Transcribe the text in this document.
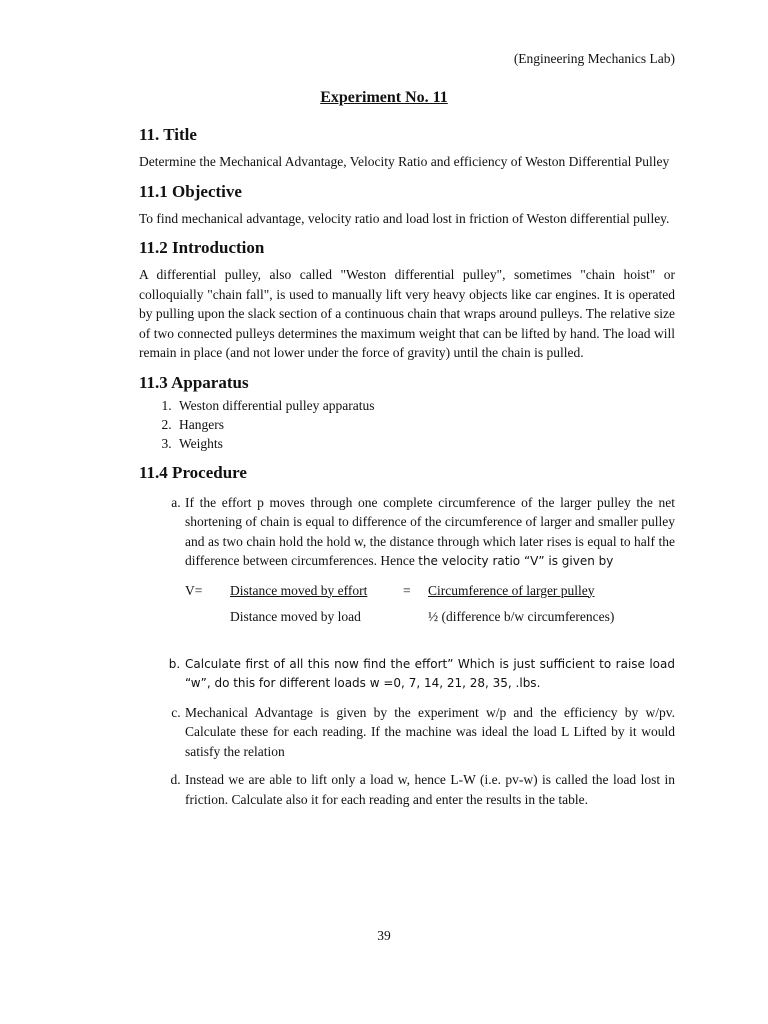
(Engineering Mechanics Lab)
Experiment No. 11
11. Title

Determine the Mechanical Advantage, Velocity Ratio and efficiency of Weston Differential Pulley

11.1 Objective

To find mechanical advantage, velocity ratio and load lost in friction of Weston differential pulley.

11.2 Introduction

A differential pulley, also called "Weston differential pulley", sometimes "chain hoist" or colloquially "chain fall", is used to manually lift very heavy objects like car engines. It is operated by pulling upon the slack section of a continuous chain that wraps around pulleys. The relative size of two connected pulleys determines the maximum weight that can be lifted by hand. The load will remain in place (and not lower under the force of gravity) until the chain is pulled.

11.3 Apparatus
1. Weston differential pulley apparatus
2. Hangers
3. Weights
11.4 Procedure
a. If the effort p moves through one complete circumference of the larger pulley the net shortening of chain is equal to difference of the circumference of larger and smaller pulley and as two chain hold the hold w, the distance through which later rises is equal to half the difference between circumferences. Hence the velocity ratio “V” is given by
V= Distance moved by effort	= Circumference of larger pulley
Distance moved by load	½ (difference b/w circumferences)
b. Calculate first of all this now find the effort” Which is just sufficient to raise load “w”, do this for different loads w =0, 7, 14, 21, 28, 35, .lbs.
c. Mechanical Advantage is given by the experiment w/p and the efficiency by w/pv. Calculate these for each reading. If the machine was ideal the load L Lifted by it would satisfy the relation
d. Instead we are able to lift only a load w, hence L-W (i.e. pv-w) is called the load lost in friction. Calculate also it for each reading and enter the results in the table.
39
